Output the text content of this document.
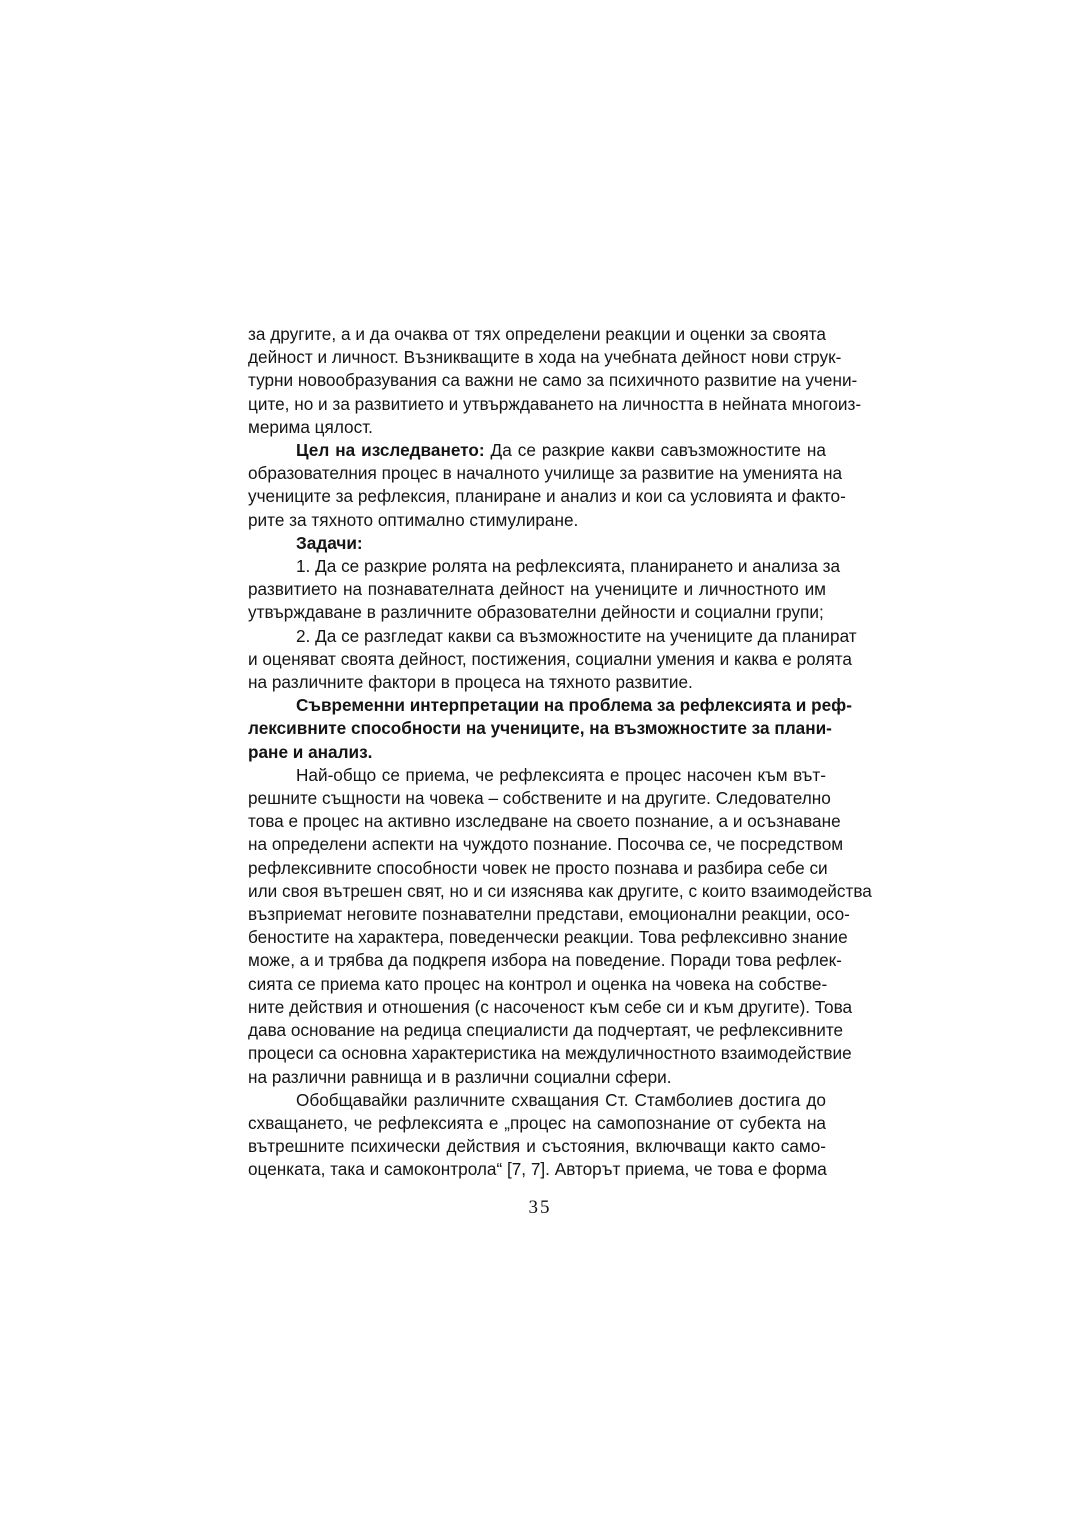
за другите, а и да очаква от тях определени реакции и оценки за своята
дейност и личност. Възникващите в хода на учебната дейност нови струк-
турни новообразувания са важни не само за психичното развитие на учени-
ците, но и за развитието и утвърждаването на личността в нейната многоиз-
мерима цялост.
Цел на изследването: Да се разкрие какви савъзможностите на
образователния процес в началното училище за развитие на уменията на
учениците за рефлексия, планиране и анализ и кои са условията и факто-
рите за тяхното оптимално стимулиране.
Задачи:
1. Да се разкрие ролята на рефлексията, планирането и анализа за
развитието на познавателната дейност на учениците и личностното им
утвърждаване в различните образователни дейности и социални групи;
2. Да се разгледат какви са възможностите на учениците да планират
и оценяват своята дейност, постижения, социални умения и каква е ролята
на различните фактори в процеса на тяхното развитие.
Съвременни интерпретации на проблема за рефлексията и реф-
лексивните способности на учениците, на възможностите за плани-
ране и анализ.
Най-общо се приема, че рефлексията е процес насочен към вът-
решните същности на човека – собствените и на другите. Следователно
това е процес на активно изследване на своето познание, а и осъзнаване
на определени аспекти на чуждото познание. Посочва се, че посредством
рефлексивните способности човек не просто познава и разбира себе си
или своя вътрешен свят, но и си изяснява как другите, с които взаимодейства
възприемат неговите познавателни представи, емоционални реакции, осо-
беностите на характера, поведенчески реакции. Това рефлексивно знание
може, а и трябва да подкрепя избора на поведение. Поради това рефлек-
сията се приема като процес на контрол и оценка на човека на собстве-
ните действия и отношения (с насоченост към себе си и към другите). Това
дава основание на редица специалисти да подчертаят, че рефлексивните
процеси са основна характеристика на междуличностното взаимодействие
на различни равнища и в различни социални сфери.
Обобщавайки различните схващания Ст. Стамболиев достига до
схващането, че рефлексията е „процес на самопознание от субекта на
вътрешните психически действия и състояния, включващи както само-
оценката, така и самоконтрола“ [7, 7]. Авторът приема, че това е форма
35
